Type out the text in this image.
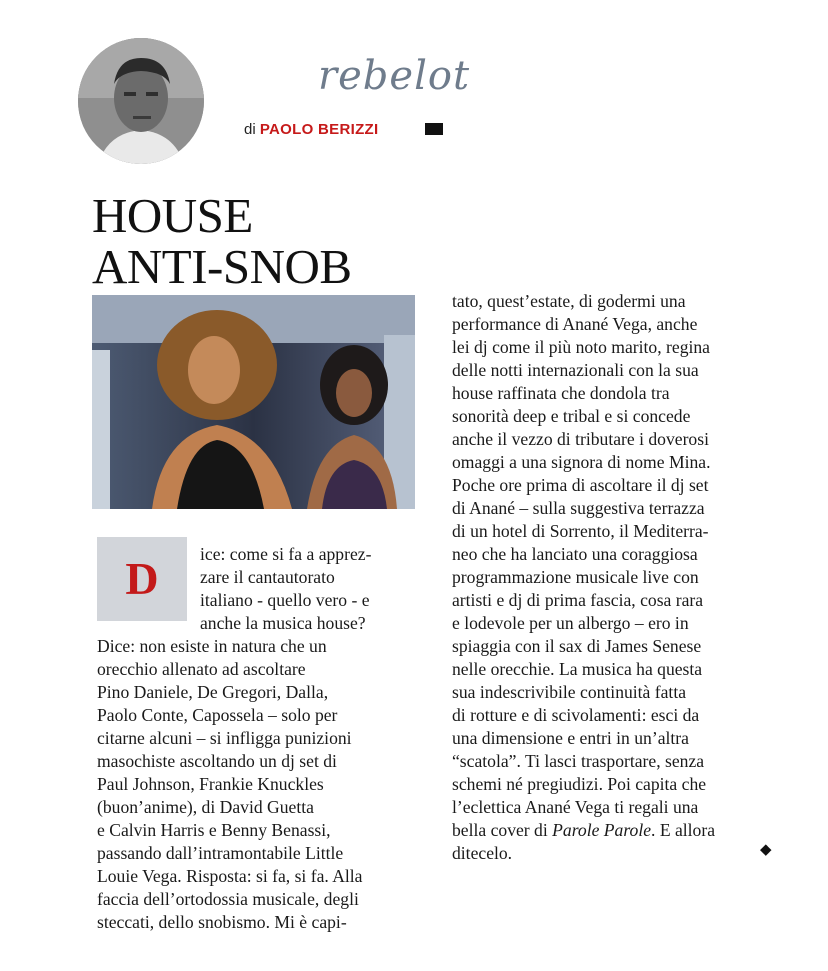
rebelot
di PAOLO BERIZZI
HOUSE
ANTI-SNOB
D	ice: come si fa a apprez-
zare il cantautorato
italiano - quello vero - e
anche la musica house?
Dice: non esiste in natura che un
orecchio allenato ad ascoltare
Pino Daniele, De Gregori, Dalla,
Paolo Conte, Capossela – solo per
citarne alcuni – si infligga punizioni
masochiste ascoltando un dj set di
Paul Johnson, Frankie Knuckles
(buon’anime), di David Guetta
e Calvin Harris e Benny Benassi,
passando dall’intramontabile Little
Louie Vega. Risposta: si fa, si fa. Alla
faccia dell’ortodossia musicale, degli
steccati, dello snobismo. Mi è capi-
tato, quest’estate, di godermi una
performance di Anané Vega, anche
lei dj come il più noto marito, regina
delle notti internazionali con la sua
house raffinata che dondola tra
sonorità deep e tribal e si concede
anche il vezzo di tributare i doverosi
omaggi a una signora di nome Mina.
Poche ore prima di ascoltare il dj set
di Anané – sulla suggestiva terrazza
di un hotel di Sorrento, il Mediterra-
neo che ha lanciato una coraggiosa
programmazione musicale live con
artisti e dj di prima fascia, cosa rara
e lodevole per un albergo – ero in
spiaggia con il sax di James Senese
nelle orecchie. La musica ha questa
sua indescrivibile continuità fatta
di rotture e di scivolamenti: esci da
una dimensione e entri in un’altra
“scatola”. Ti lasci trasportare, senza
schemi né pregiudizi. Poi capita che
l’eclettica Anané Vega ti regali una
bella cover di Parole Parole. E allora
ditecelo.	◆
